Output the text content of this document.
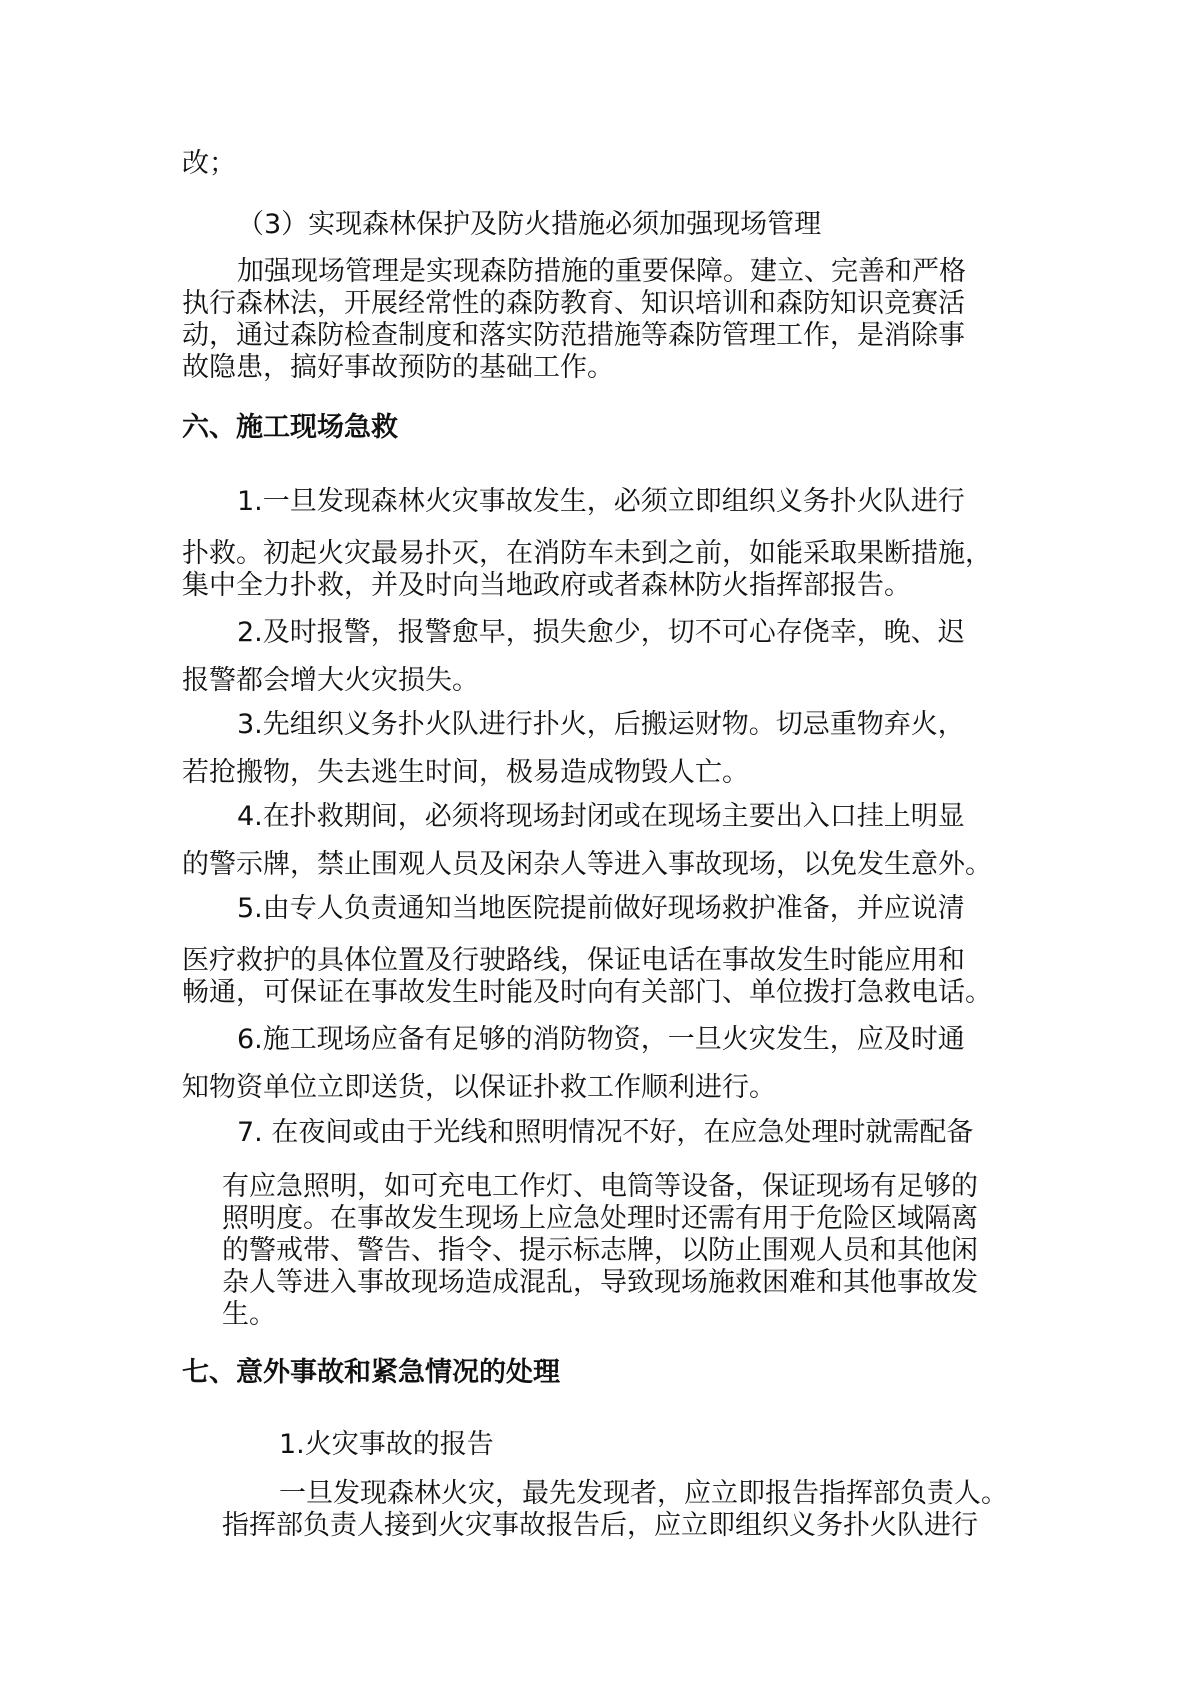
改；

（3）实现森林保护及防火措施必须加强现场管理

加强现场管理是实现森防措施的重要保障。建立、完善和严格

执行森林法，开展经常性的森防教育、知识培训和森防知识竞赛活

动，通过森防检查制度和落实防范措施等森防管理工作，是消除事

故隐患，搞好事故预防的基础工作。

六、施工现场急救

1.一旦发现森林火灾事故发生，必须立即组织义务扑火队进行

扑救。初起火灾最易扑灭，在消防车未到之前，如能采取果断措施，

集中全力扑救，并及时向当地政府或者森林防火指挥部报告。

2.及时报警，报警愈早，损失愈少，切不可心存侥幸，晚、迟

报警都会增大火灾损失。

3.先组织义务扑火队进行扑火，后搬运财物。切忌重物弃火，

若抢搬物，失去逃生时间，极易造成物毁人亡。

4.在扑救期间，必须将现场封闭或在现场主要出入口挂上明显

的警示牌，禁止围观人员及闲杂人等进入事故现场，以免发生意外。

5.由专人负责通知当地医院提前做好现场救护准备，并应说清

医疗救护的具体位置及行驶路线，保证电话在事故发生时能应用和

畅通，可保证在事故发生时能及时向有关部门、单位拨打急救电话。

6.施工现场应备有足够的消防物资，一旦火灾发生，应及时通

知物资单位立即送货，以保证扑救工作顺利进行。

7. 在夜间或由于光线和照明情况不好，在应急处理时就需配备

有应急照明，如可充电工作灯、电筒等设备，保证现场有足够的

照明度。在事故发生现场上应急处理时还需有用于危险区域隔离

的警戒带、警告、指令、提示标志牌，以防止围观人员和其他闲

杂人等进入事故现场造成混乱，导致现场施救困难和其他事故发

生。

七、意外事故和紧急情况的处理

1.火灾事故的报告

一旦发现森林火灾，最先发现者，应立即报告指挥部负责人。

指挥部负责人接到火灾事故报告后，应立即组织义务扑火队进行
